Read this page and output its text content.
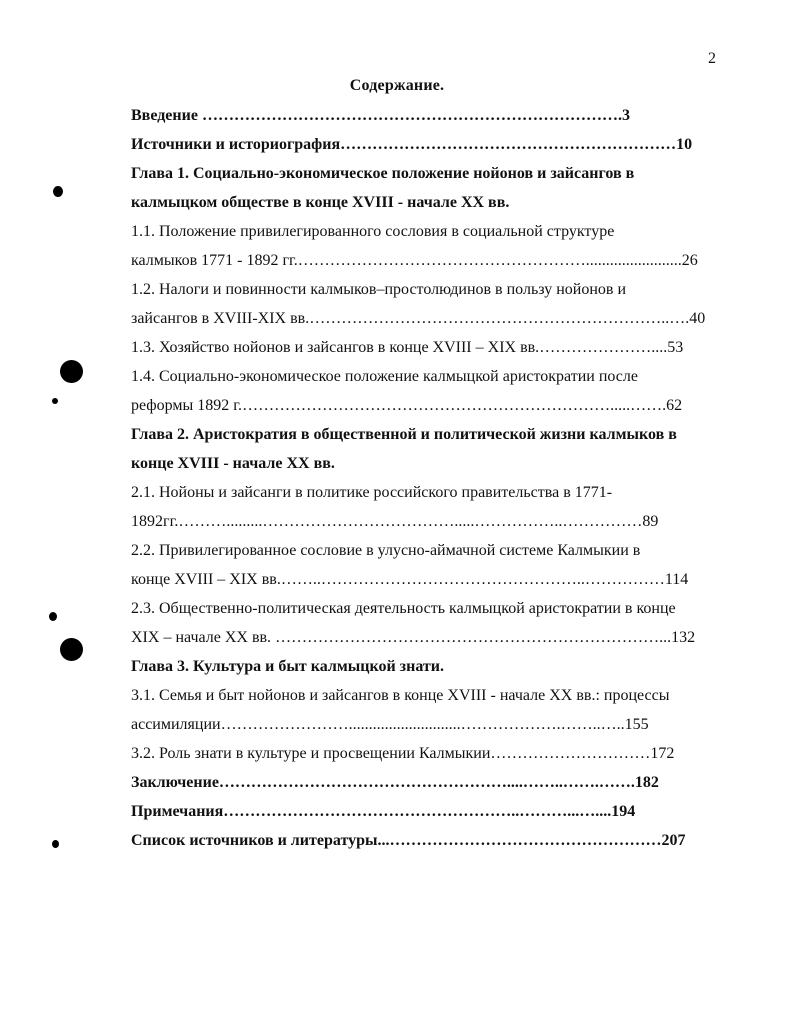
2
Содержание.
Введение …………………………………………………………………….3
Источники и историография………………………………………………………10
Глава 1. Социально-экономическое положение нойонов и зайсангов в
калмыцком обществе в конце XVIII - начале XX вв.
1.1. Положение привилегированного сословия в социальной структуре
калмыков 1771 - 1892 гг.………………………………………………........................26
1.2. Налоги и повинности калмыков–простолюдинов в пользу нойонов и
зайсангов в XVIII-XIX вв.…………………………………………………………..….40
1.3. Хозяйство нойонов и зайсангов в конце XVIII – XIX вв.…………………....53
1.4. Социально-экономическое положение калмыцкой аристократии после
реформы 1892 г.…………………………………………………………….....…….62
Глава 2. Аристократия в общественной и политической жизни калмыков в
конце XVIII - начале XX вв.
2.1. Нойоны и зайсанги в политике российского правительства в 1771-
1892гг.……….........……………………………….....……………..……………89
2.2. Привилегированное сословие в улусно-аймачной системе Калмыкии в
конце XVIII – XIX вв.……..…………………………………………..……………114
2.3. Общественно-политическая деятельность калмыцкой аристократии в конце
XIX – начале XX вв. ………………………………………………………………...132
Глава 3. Культура и быт калмыцкой знати.
3.1. Семья и быт нойонов и зайсангов в конце XVIII - начале XX вв.: процессы
ассимиляции……………………............................……………….……..…..155
3.2. Роль знати в культуре и просвещении Калмыкии…………………………172
Заключение………………………………………………....……..…….…….182
Примечания………………………………………………..………...…....194
Список источников и литературы...……………………………………………207
